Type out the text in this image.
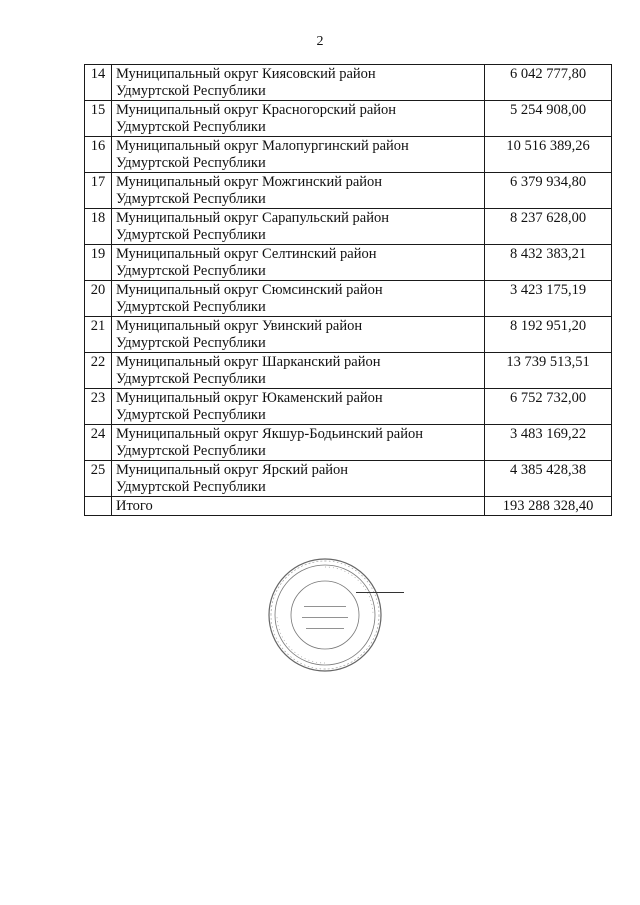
2
14	Муниципальный округ Киясовский район
Удмуртской Республики	6 042 777,80
15	Муниципальный округ Красногорский район
Удмуртской Республики	5 254 908,00
16	Муниципальный округ Малопургинский район
Удмуртской Республики	10 516 389,26
17	Муниципальный округ Можгинский район
Удмуртской Республики	6 379 934,80
18	Муниципальный округ Сарапульский район
Удмуртской Республики	8 237 628,00
19	Муниципальный округ Селтинский район
Удмуртской Республики	8 432 383,21
20	Муниципальный округ Сюмсинский район
Удмуртской Республики	3 423 175,19
21	Муниципальный округ Увинский район
Удмуртской Республики	8 192 951,20
22	Муниципальный округ Шарканский район
Удмуртской Республики	13 739 513,51
23	Муниципальный округ Юкаменский район
Удмуртской Республики	6 752 732,00
24	Муниципальный округ Якшур-Бодьинский район
Удмуртской Республики	3 483 169,22
25	Муниципальный округ Ярский район
Удмуртской Республики	4 385 428,38
	Итого	193 288 328,40
